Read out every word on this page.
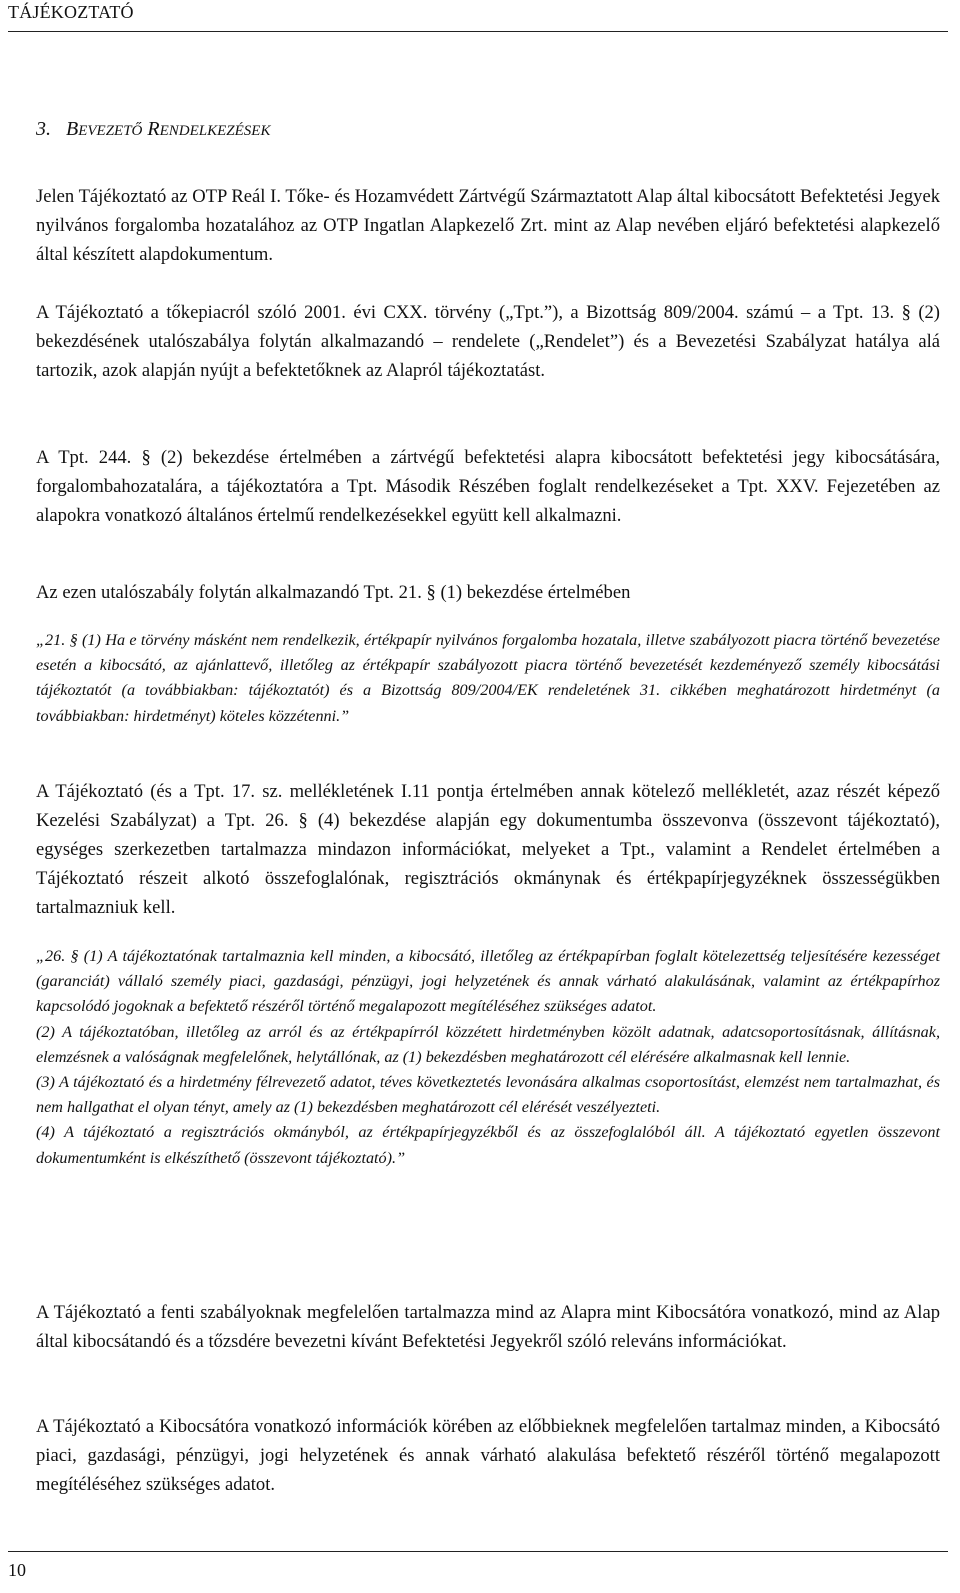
TÁJÉKOZTATÓ
3. BEVEZETŐ RENDELKEZÉSEK

Jelen Tájékoztató az OTP Reál I. Tőke- és Hozamvédett Zártvégű Származtatott Alap által kibocsátott Befektetési Jegyek nyilvános forgalomba hozatalához az OTP Ingatlan Alapkezelő Zrt. mint az Alap nevében eljáró befektetési alapkezelő által készített alapdokumentum.

A Tájékoztató a tőkepiacról szóló 2001. évi CXX. törvény („Tpt.”), a Bizottság 809/2004. számú – a Tpt. 13. § (2) bekezdésének utalószabálya folytán alkalmazandó – rendelete („Rendelet”) és a Bevezetési Szabályzat hatálya alá tartozik, azok alapján nyújt a befektetőknek az Alapról tájékoztatást.

A Tpt. 244. § (2) bekezdése értelmében a zártvégű befektetési alapra kibocsátott befektetési jegy kibocsátására, forgalombahozatalára, a tájékoztatóra a Tpt. Második Részében foglalt rendelkezéseket a Tpt. XXV. Fejezetében az alapokra vonatkozó általános értelmű rendelkezésekkel együtt kell alkalmazni.

Az ezen utalószabály folytán alkalmazandó Tpt. 21. § (1) bekezdése értelmében

„21. § (1) Ha e törvény másként nem rendelkezik, értékpapír nyilvános forgalomba hozatala, illetve szabályozott piacra történő bevezetése esetén a kibocsátó, az ajánlattevő, illetőleg az értékpapír szabályozott piacra történő bevezetését kezdeményező személy kibocsátási tájékoztatót (a továbbiakban: tájékoztatót) és a Bizottság 809/2004/EK rendeletének 31. cikkében meghatározott hirdetményt (a továbbiakban: hirdetményt) köteles közzétenni.”

A Tájékoztató (és a Tpt. 17. sz. mellékletének I.11 pontja értelmében annak kötelező mellékletét, azaz részét képező Kezelési Szabályzat) a Tpt. 26. § (4) bekezdése alapján egy dokumentumba összevonva (összevont tájékoztató), egységes szerkezetben tartalmazza mindazon információkat, melyeket a Tpt., valamint a Rendelet értelmében a Tájékoztató részeit alkotó összefoglalónak, regisztrációs okmánynak és értékpapírjegyzéknek összességükben tartalmazniuk kell.

„26. § (1) A tájékoztatónak tartalmaznia kell minden, a kibocsátó, illetőleg az értékpapírban foglalt kötelezettség teljesítésére kezességet (garanciát) vállaló személy piaci, gazdasági, pénzügyi, jogi helyzetének és annak várható alakulásának, valamint az értékpapírhoz kapcsolódó jogoknak a befektető részéről történő megalapozott megítéléséhez szükséges adatot.

(2) A tájékoztatóban, illetőleg az arról és az értékpapírról közzétett hirdetményben közölt adatnak, adatcsoportosításnak, állításnak, elemzésnek a valóságnak megfelelőnek, helytállónak, az (1) bekezdésben meghatározott cél elérésére alkalmasnak kell lennie.

(3) A tájékoztató és a hirdetmény félrevezető adatot, téves következtetés levonására alkalmas csoportosítást, elemzést nem tartalmazhat, és nem hallgathat el olyan tényt, amely az (1) bekezdésben meghatározott cél elérését veszélyezteti.

(4) A tájékoztató a regisztrációs okmányból, az értékpapírjegyzékből és az összefoglalóból áll. A tájékoztató egyetlen összevont dokumentumként is elkészíthető (összevont tájékoztató).”

A Tájékoztató a fenti szabályoknak megfelelően tartalmazza mind az Alapra mint Kibocsátóra vonatkozó, mind az Alap által kibocsátandó és a tőzsdére bevezetni kívánt Befektetési Jegyekről szóló releváns információkat.

A Tájékoztató a Kibocsátóra vonatkozó információk körében az előbbieknek megfelelően tartalmaz minden, a Kibocsátó piaci, gazdasági, pénzügyi, jogi helyzetének és annak várható alakulása befektető részéről történő megalapozott megítéléséhez szükséges adatot.

10
